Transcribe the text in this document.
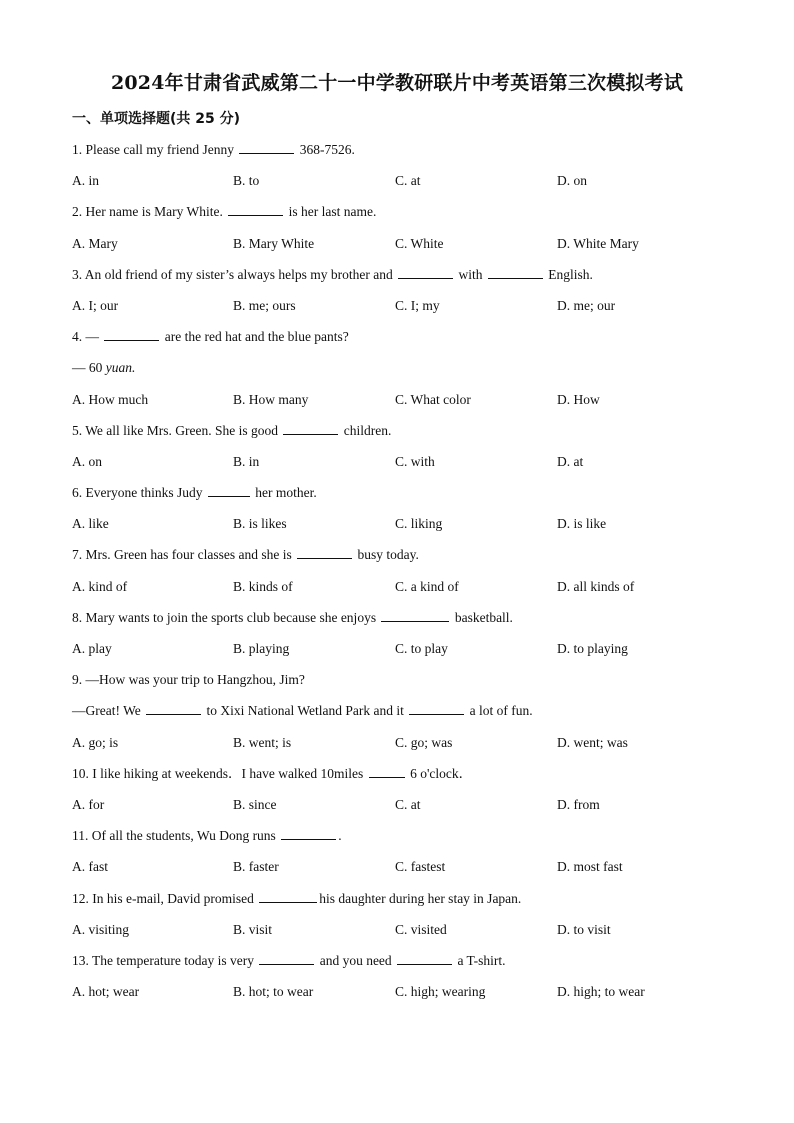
2024年甘肃省武威第二十一中学教研联片中考英语第三次模拟考试
一、单项选择题(共 25 分)
1. Please call my friend Jenny	368-7526.
A. in	B. to	C. at	D. on
2. Her name is Mary White.	is her last name.
A. Mary	B. Mary White	C. White	D. White Mary
3. An old friend of my sister’s always helps my brother and	with	English.
A. I; our	B. me; ours	C. I; my	D. me; our
4. —	are the red hat and the blue pants?
— 60 yuan.
A. How much	B. How many	C. What color	D. How
5. We all like Mrs. Green. She is good	children.
A. on	B. in	C. with	D. at
6. Everyone thinks Judy	her mother.
A. like	B. is likes	C. liking	D. is like
7. Mrs. Green has four classes and she is	busy today.
A. kind of	B. kinds of	C. a kind of	D. all kinds of
8. Mary wants to join the sports club because she enjoys	basketball.
A. play	B. playing	C. to play	D. to playing
9. —How was your trip to Hangzhou, Jim?
—Great! We	to Xixi National Wetland Park and it	a lot of fun.
A. go; is	B. went; is	C. go; was	D. went; was
10. I like hiking at weekends．I have walked 10miles	6 o'clock．
A. for	B. since	C. at	D. from
11. Of all the students, Wu Dong runs	.
A. fast	B. faster	C. fastest	D. most fast
12. In his e-mail, David promised	his daughter during her stay in Japan.
A. visiting	B. visit	C. visited	D. to visit
13. The temperature today is very	and you need	a T-shirt.
A. hot; wear	B. hot; to wear	C. high; wearing	D. high; to wear
